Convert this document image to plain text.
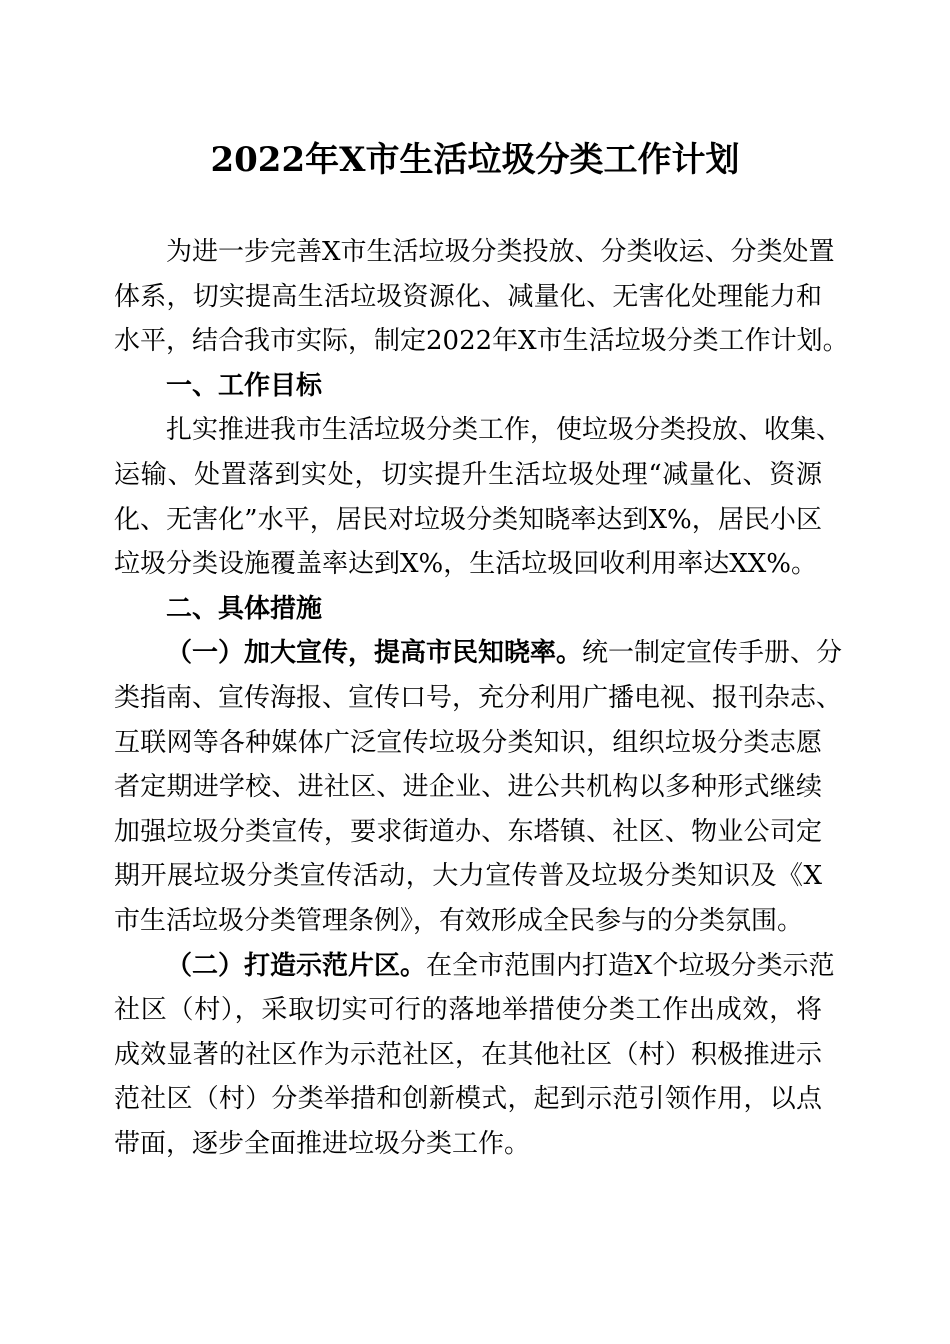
2022年X市生活垃圾分类工作计划
为进一步完善X市生活垃圾分类投放、分类收运、分类处置
体系，切实提高生活垃圾资源化、减量化、无害化处理能力和
水平，结合我市实际，制定2022年X市生活垃圾分类工作计划。
一、工作目标
扎实推进我市生活垃圾分类工作，使垃圾分类投放、收集、
运输、处置落到实处，切实提升生活垃圾处理“减量化、资源
化、无害化”水平，居民对垃圾分类知晓率达到X%，居民小区
垃圾分类设施覆盖率达到X%，生活垃圾回收利用率达XX%。
二、具体措施
（一）加大宣传，提高市民知晓率。统一制定宣传手册、分
类指南、宣传海报、宣传口号，充分利用广播电视、报刊杂志、
互联网等各种媒体广泛宣传垃圾分类知识，组织垃圾分类志愿
者定期进学校、进社区、进企业、进公共机构以多种形式继续
加强垃圾分类宣传，要求街道办、东塔镇、社区、物业公司定
期开展垃圾分类宣传活动，大力宣传普及垃圾分类知识及《X
市生活垃圾分类管理条例》，有效形成全民参与的分类氛围。
（二）打造示范片区。在全市范围内打造X个垃圾分类示范
社区（村），采取切实可行的落地举措使分类工作出成效，将
成效显著的社区作为示范社区，在其他社区（村）积极推进示
范社区（村）分类举措和创新模式，起到示范引领作用，以点
带面，逐步全面推进垃圾分类工作。
